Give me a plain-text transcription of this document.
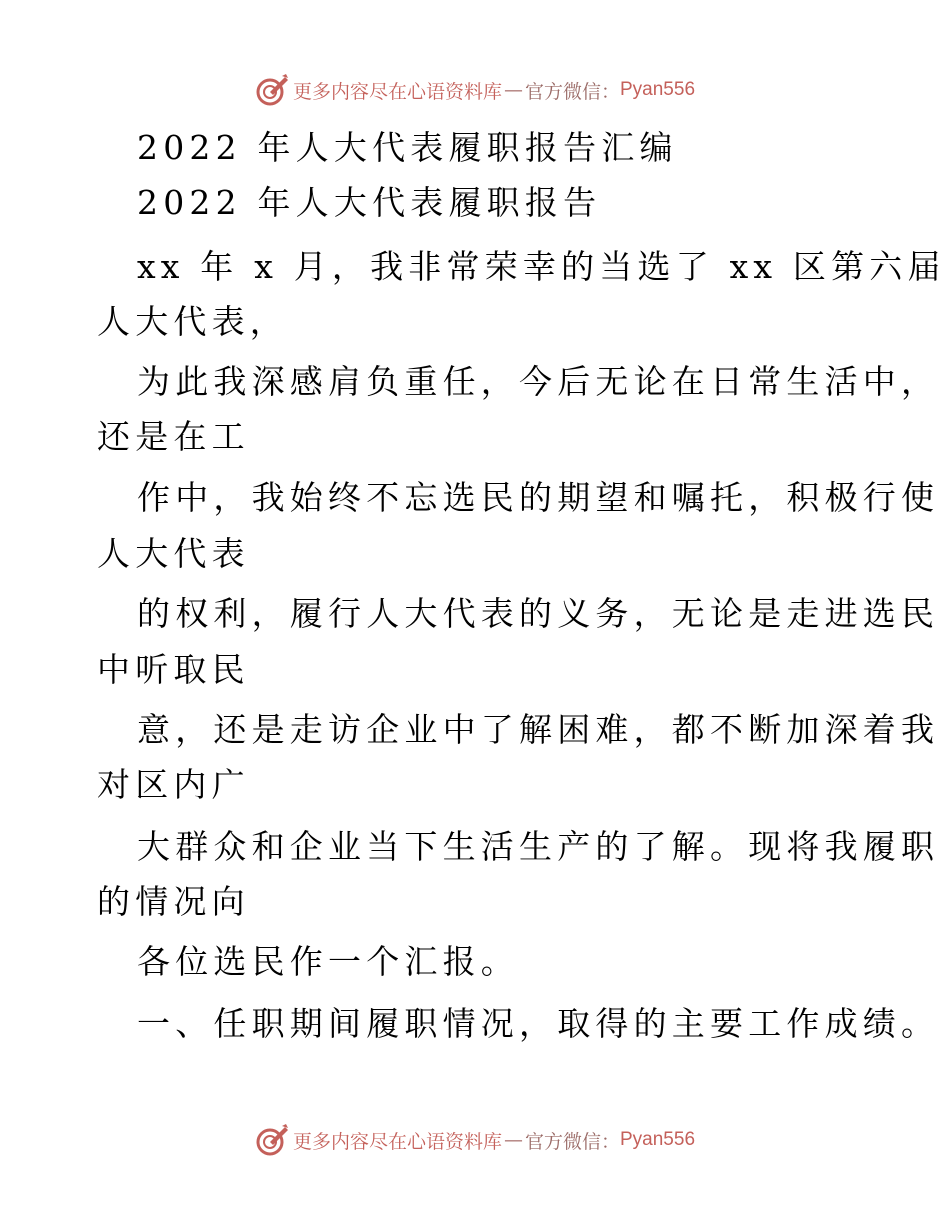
更多内容尽在心语资料库 — 官方微信： Pyan556
2022 年人大代表履职报告汇编
2022 年人大代表履职报告
xx 年 x 月，我非常荣幸的当选了 xx 区第六届
人大代表，
为此我深感肩负重任，今后无论在日常生活中，
还是在工
作中，我始终不忘选民的期望和嘱托，积极行使
人大代表
的权利，履行人大代表的义务，无论是走进选民
中听取民
意，还是走访企业中了解困难，都不断加深着我
对区内广
大群众和企业当下生活生产的了解。现将我履职
的情况向
各位选民作一个汇报。
一、任职期间履职情况，取得的主要工作成绩。
更多内容尽在心语资料库 — 官方微信： Pyan556
